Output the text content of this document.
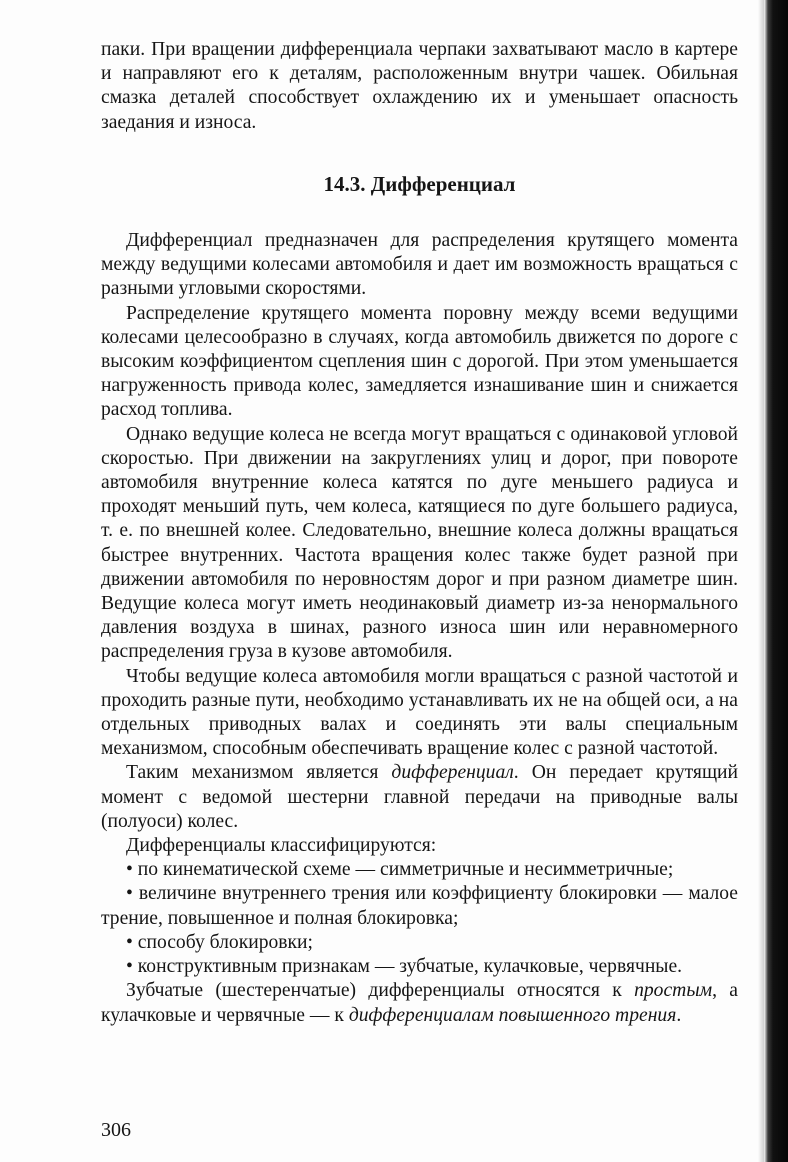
паки. При вращении дифференциала черпаки захватывают масло в картере и направляют его к деталям, расположенным внутри чашек. Обильная смазка деталей способствует охлаждению их и уменьшает опасность заедания и износа.

14.3. Дифференциал

Дифференциал предназначен для распределения крутящего момента между ведущими колесами автомобиля и дает им возможность вращаться с разными угловыми скоростями.

Распределение крутящего момента поровну между всеми ведущими колесами целесообразно в случаях, когда автомобиль движется по дороге с высоким коэффициентом сцепления шин с дорогой. При этом уменьшается нагруженность привода колес, замедляется изнашивание шин и снижается расход топлива.

Однако ведущие колеса не всегда могут вращаться с одинаковой угловой скоростью. При движении на закруглениях улиц и дорог, при повороте автомобиля внутренние колеса катятся по дуге меньшего радиуса и проходят меньший путь, чем колеса, катящиеся по дуге большего радиуса, т. е. по внешней колее. Следовательно, внешние колеса должны вращаться быстрее внутренних. Частота вращения колес также будет разной при движении автомобиля по неровностям дорог и при разном диаметре шин. Ведущие колеса могут иметь неодинаковый диаметр из-за ненормального давления воздуха в шинах, разного износа шин или неравномерного распределения груза в кузове автомобиля.

Чтобы ведущие колеса автомобиля могли вращаться с разной частотой и проходить разные пути, необходимо устанавливать их не на общей оси, а на отдельных приводных валах и соединять эти валы специальным механизмом, способным обеспечивать вращение колес с разной частотой.

Таким механизмом является дифференциал. Он передает крутящий момент с ведомой шестерни главной передачи на приводные валы (полуоси) колес.

Дифференциалы классифицируются:

• по кинематической схеме — симметричные и несимметричные;

• величине внутреннего трения или коэффициенту блокировки — малое трение, повышенное и полная блокировка;

• способу блокировки;

• конструктивным признакам — зубчатые, кулачковые, червячные.

Зубчатые (шестеренчатые) дифференциалы относятся к простым, а кулачковые и червячные — к дифференциалам повышенного трения.

306
